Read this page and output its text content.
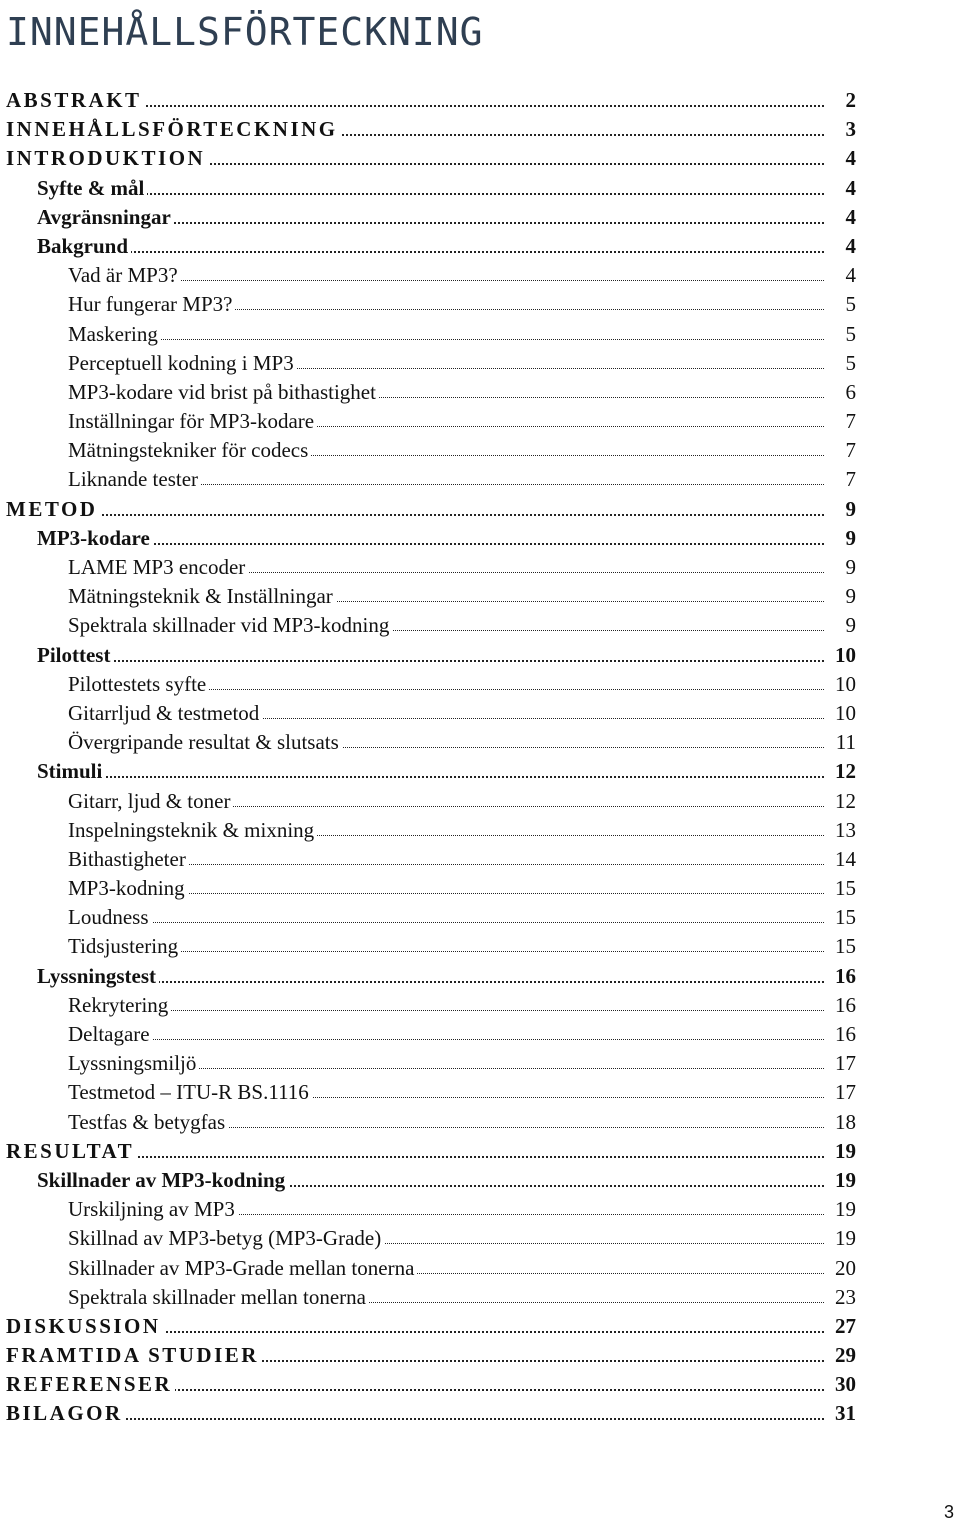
INNEHÅLLSFÖRTECKNING
ABSTRAKT	2
INNEHÅLLSFÖRTECKNING	3
INTRODUKTION	4
Syfte & mål	4
Avgränsningar	4
Bakgrund	4
Vad är MP3?	4
Hur fungerar MP3?	5
Maskering	5
Perceptuell kodning i MP3	5
MP3-kodare vid brist på bithastighet	6
Inställningar för MP3-kodare	7
Mätningstekniker för codecs	7
Liknande tester	7
METOD	9
MP3-kodare	9
LAME MP3 encoder	9
Mätningsteknik & Inställningar	9
Spektrala skillnader vid MP3-kodning	9
Pilottest	10
Pilottestets syfte	10
Gitarrljud & testmetod	10
Övergripande resultat & slutsats	11
Stimuli	12
Gitarr, ljud & toner	12
Inspelningsteknik & mixning	13
Bithastigheter	14
MP3-kodning	15
Loudness	15
Tidsjustering	15
Lyssningstest	16
Rekrytering	16
Deltagare	16
Lyssningsmiljö	17
Testmetod – ITU-R BS.1116	17
Testfas & betygfas	18
RESULTAT	19
Skillnader av MP3-kodning	19
Urskiljning av MP3	19
Skillnad av MP3-betyg (MP3-Grade)	19
Skillnader av MP3-Grade mellan tonerna	20
Spektrala skillnader mellan tonerna	23
DISKUSSION	27
FRAMTIDA STUDIER	29
REFERENSER	30
BILAGOR	31
3
